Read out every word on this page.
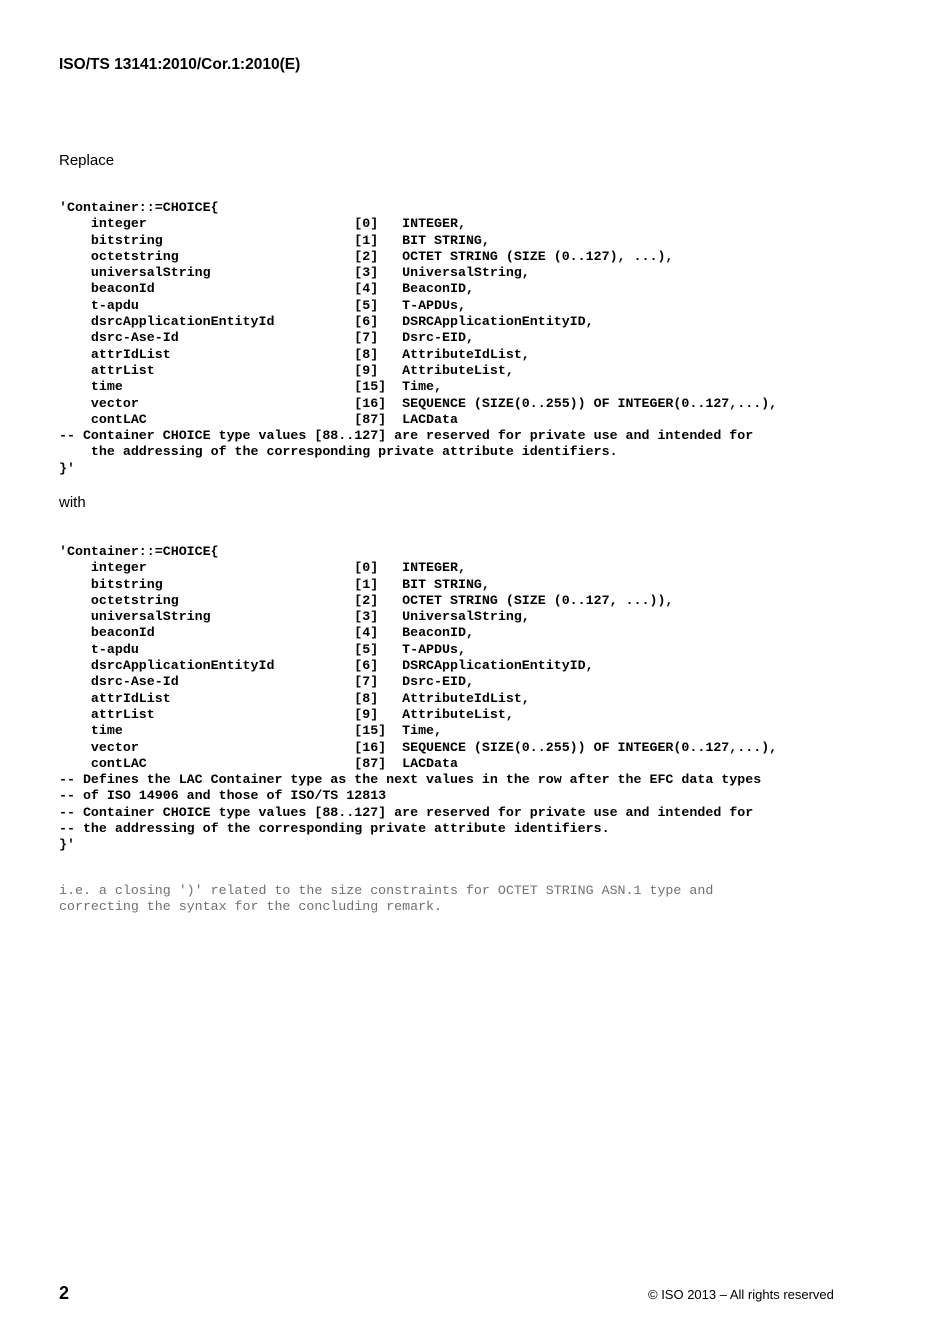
ISO/TS 13141:2010/Cor.1:2010(E)
Replace
'Container::=CHOICE{
integer                          [0]   INTEGER,
bitstring                        [1]   BIT STRING,
octetstring                      [2]   OCTET STRING (SIZE (0..127), ...),
universalString                  [3]   UniversalString,
beaconId                         [4]   BeaconID,
t-apdu                           [5]   T-APDUs,
dsrcApplicationEntityId          [6]   DSRCApplicationEntityID,
dsrc-Ase-Id                      [7]   Dsrc-EID,
attrIdList                       [8]   AttributeIdList,
attrList                         [9]   AttributeList,
time                             [15]  Time,
vector                           [16]  SEQUENCE (SIZE(0..255)) OF INTEGER(0..127,...),
contLAC                          [87]  LACData
-- Container CHOICE type values [88..127] are reserved for private use and intended for
the addressing of the corresponding private attribute identifiers.
}'
with
'Container::=CHOICE{
integer                          [0]   INTEGER,
bitstring                        [1]   BIT STRING,
octetstring                      [2]   OCTET STRING (SIZE (0..127, ...)),
universalString                  [3]   UniversalString,
beaconId                         [4]   BeaconID,
t-apdu                           [5]   T-APDUs,
dsrcApplicationEntityId          [6]   DSRCApplicationEntityID,
dsrc-Ase-Id                      [7]   Dsrc-EID,
attrIdList                       [8]   AttributeIdList,
attrList                         [9]   AttributeList,
time                             [15]  Time,
vector                           [16]  SEQUENCE (SIZE(0..255)) OF INTEGER(0..127,...),
contLAC                          [87]  LACData
-- Defines the LAC Container type as the next values in the row after the EFC data types
-- of ISO 14906 and those of ISO/TS 12813
-- Container CHOICE type values [88..127] are reserved for private use and intended for
-- the addressing of the corresponding private attribute identifiers.
}'
i.e. a closing ')' related to the size constraints for OCTET STRING ASN.1 type and
correcting the syntax for the concluding remark.
2	© ISO 2013 – All rights reserved
